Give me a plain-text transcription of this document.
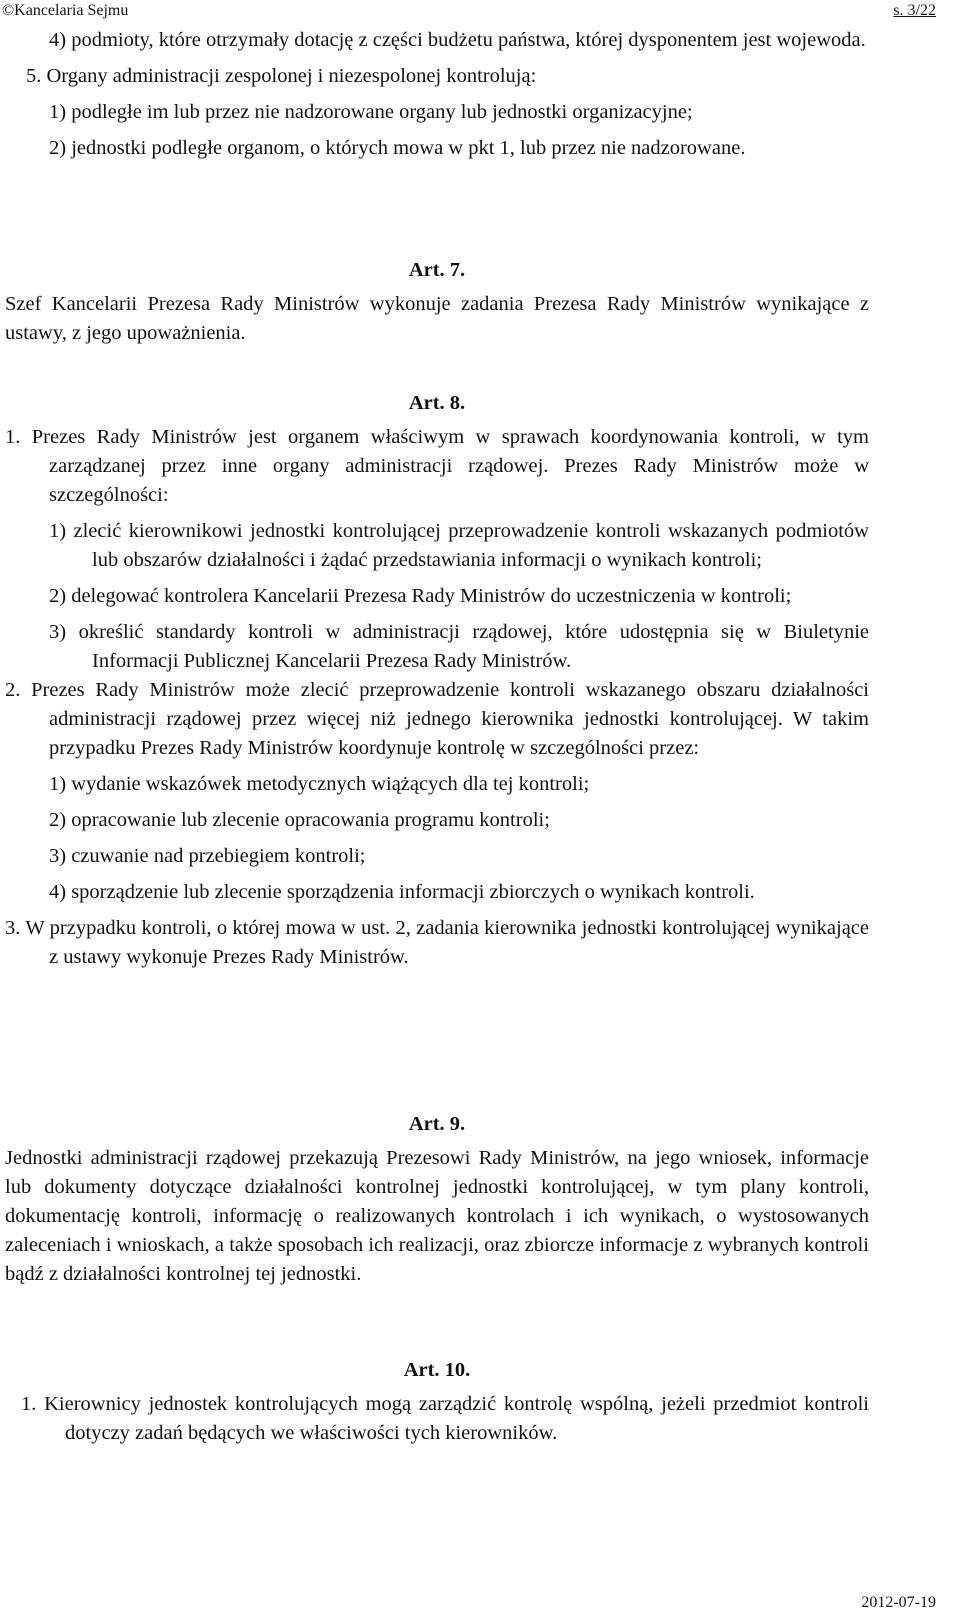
©Kancelaria Sejmu	s. 3/22

4) podmioty, które otrzymały dotację z części budżetu państwa, której dysponentem jest wojewoda.

5. Organy administracji zespolonej i niezespolonej kontrolują:

1) podległe im lub przez nie nadzorowane organy lub jednostki organizacyjne;

2) jednostki podległe organom, o których mowa w pkt 1, lub przez nie nadzorowane.

Art. 7.

Szef Kancelarii Prezesa Rady Ministrów wykonuje zadania Prezesa Rady Ministrów wynikające z ustawy, z jego upoważnienia.

Art. 8.

1. Prezes Rady Ministrów jest organem właściwym w sprawach koordynowania kontroli, w tym zarządzanej przez inne organy administracji rządowej. Prezes Rady Ministrów może w szczególności:

1) zlecić kierownikowi jednostki kontrolującej przeprowadzenie kontroli wskazanych podmiotów lub obszarów działalności i żądać przedstawiania informacji o wynikach kontroli;

2) delegować kontrolera Kancelarii Prezesa Rady Ministrów do uczestniczenia w kontroli;

3) określić standardy kontroli w administracji rządowej, które udostępnia się w Biuletynie Informacji Publicznej Kancelarii Prezesa Rady Ministrów.

2. Prezes Rady Ministrów może zlecić przeprowadzenie kontroli wskazanego obszaru działalności administracji rządowej przez więcej niż jednego kierownika jednostki kontrolującej. W takim przypadku Prezes Rady Ministrów koordynuje kontrolę w szczególności przez:

1) wydanie wskazówek metodycznych wiążących dla tej kontroli;

2) opracowanie lub zlecenie opracowania programu kontroli;

3) czuwanie nad przebiegiem kontroli;

4) sporządzenie lub zlecenie sporządzenia informacji zbiorczych o wynikach kontroli.

3. W przypadku kontroli, o której mowa w ust. 2, zadania kierownika jednostki kontrolującej wynikające z ustawy wykonuje Prezes Rady Ministrów.

Art. 9.

Jednostki administracji rządowej przekazują Prezesowi Rady Ministrów, na jego wniosek, informacje lub dokumenty dotyczące działalności kontrolnej jednostki kontrolującej, w tym plany kontroli, dokumentację kontroli, informację o realizowanych kontrolach i ich wynikach, o wystosowanych zaleceniach i wnioskach, a także sposobach ich realizacji, oraz zbiorcze informacje z wybranych kontroli bądź z działalności kontrolnej tej jednostki.

Art. 10.

1. Kierownicy jednostek kontrolujących mogą zarządzić kontrolę wspólną, jeżeli przedmiot kontroli dotyczy zadań będących we właściwości tych kierowników.

2012-07-19
